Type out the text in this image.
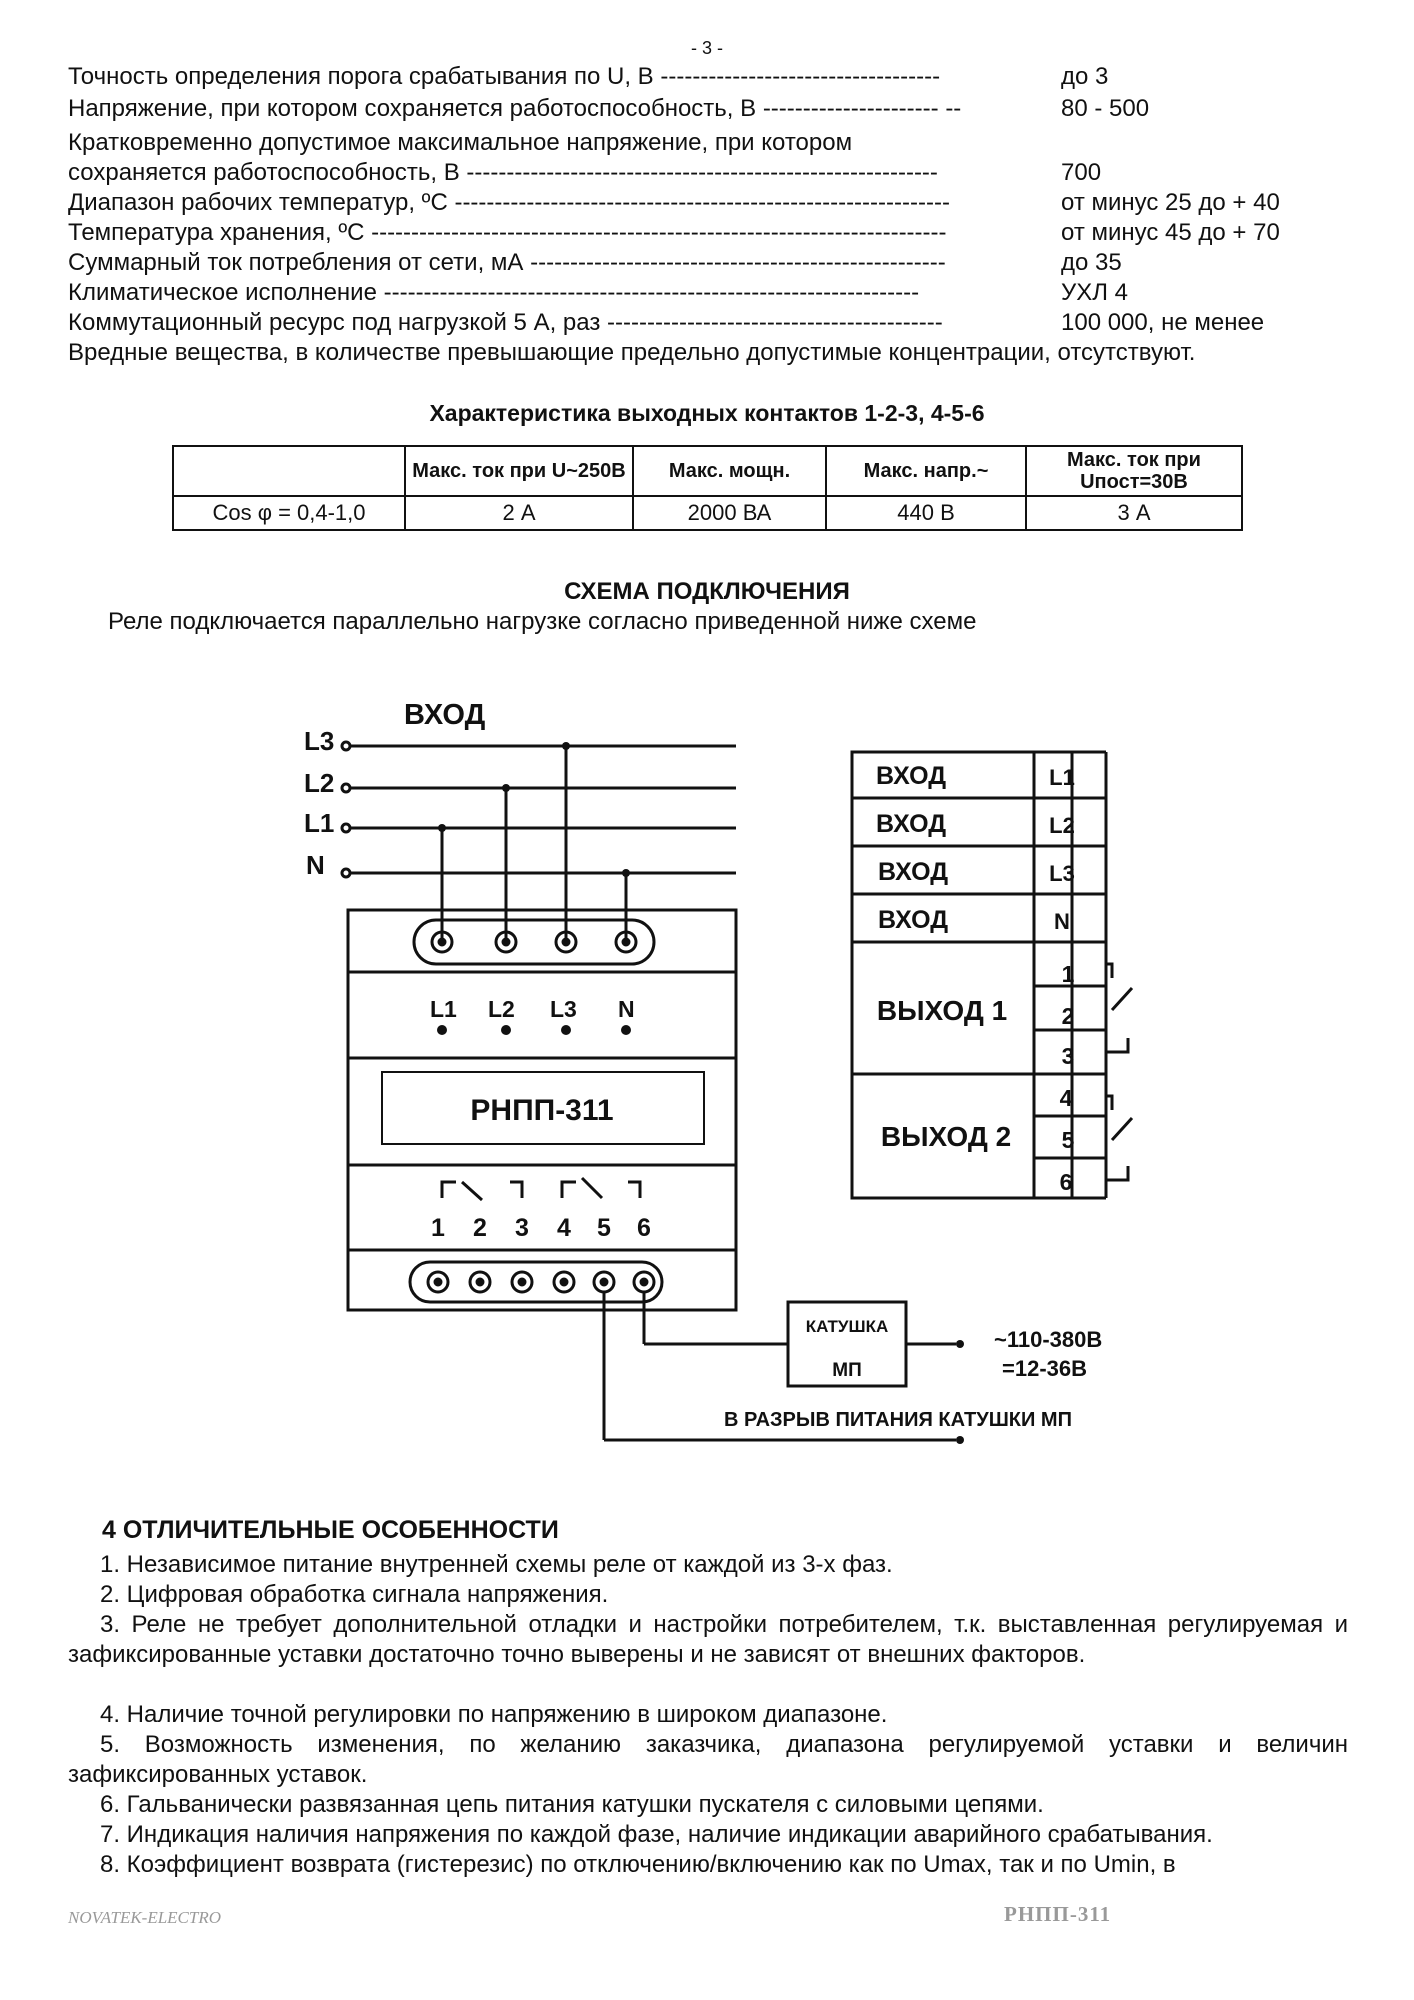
- 3 -
Точность определения порога срабатывания по U, В -----------------------------------	до 3
Напряжение, при котором сохраняется работоспособность, В ---------------------- --	80 - 500
Кратковременно допустимое максимальное напряжение, при котором
сохраняется работоспособность, В -----------------------------------------------------------	700
Диапазон рабочих температур, ºС --------------------------------------------------------------	от минус 25 до + 40
Температура хранения, ºС ------------------------------------------------------------------------	от минус 45 до + 70
Суммарный ток потребления от сети, мА ----------------------------------------------------	до 35
Климатическое исполнение -------------------------------------------------------------------	УХЛ 4
Коммутационный ресурс под нагрузкой 5 А, раз ------------------------------------------	100 000, не менее
Вредные вещества, в количестве превышающие предельно допустимые концентрации, отсутствуют.
Характеристика выходных контактов 1-2-3, 4-5-6
	Макс. ток при U~250В	Макс. мощн.	Макс. напр.~	Макс. ток при Uпост=30В
Cos φ = 0,4-1,0	2 А	2000 ВА	440 В	3 А
СХЕМА ПОДКЛЮЧЕНИЯ
Реле подключается параллельно нагрузке согласно приведенной ниже схеме
ВХОД
L3
L2
L1
N
L1 L2 L3 N
РНПП-311
1 2 3 4 5 6
КАТУШКА
МП
~110-380В
=12-36В
В РАЗРЫВ ПИТАНИЯ КАТУШКИ МП
ВХОД	L1
ВХОД	L2
ВХОД	L3
ВХОД	N
ВЫХОД 1
1
2
3
ВЫХОД 2
4
5
6
4 ОТЛИЧИТЕЛЬНЫЕ ОСОБЕННОСТИ
1. Независимое питание внутренней схемы реле от каждой из 3-х фаз.
2. Цифровая обработка сигнала напряжения.
3. Реле не требует дополнительной отладки и настройки потребителем, т.к. выставленная регулируемая и зафиксированные уставки достаточно точно выверены и не зависят от внешних факторов.
4. Наличие точной регулировки по напряжению в широком диапазоне.
5. Возможность изменения, по желанию заказчика, диапазона регулируемой уставки и величин зафиксированных уставок.
6. Гальванически развязанная цепь питания катушки пускателя с силовыми цепями.
7. Индикация наличия напряжения по каждой фазе, наличие индикации аварийного срабатывания.
8. Коэффициент возврата (гистерезис) по отключению/включению как по Umax, так и по Umin, в
NOVATEK-ELECTRO	РНПП-311
